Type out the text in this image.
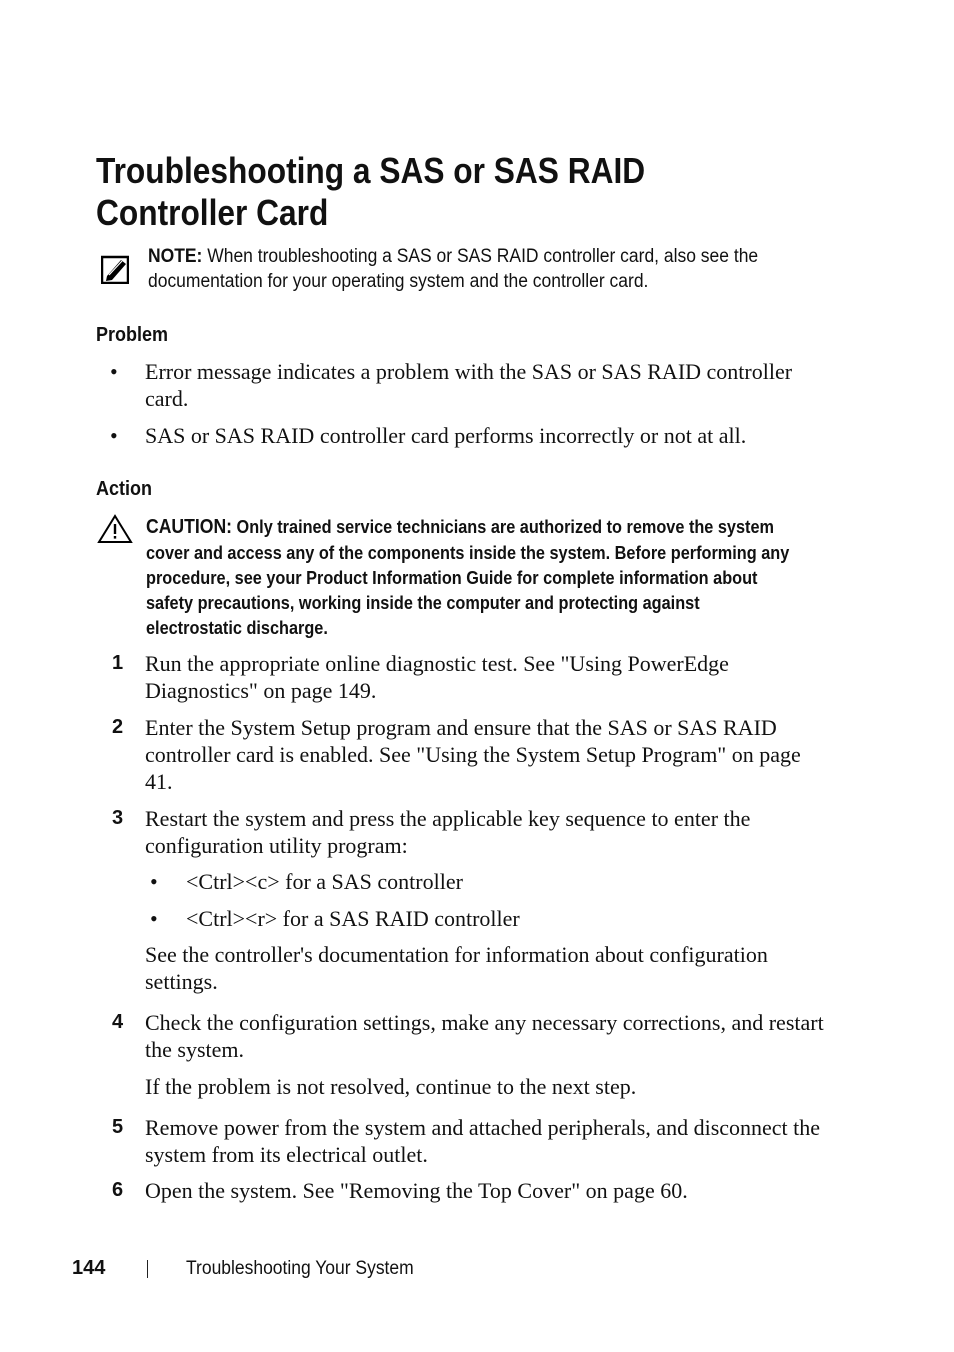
Troubleshooting a SAS or SAS RAID Controller Card
NOTE: When troubleshooting a SAS or SAS RAID controller card, also see the documentation for your operating system and the controller card.
Problem
• Error message indicates a problem with the SAS or SAS RAID controller card.
• SAS or SAS RAID controller card performs incorrectly or not at all.
Action
CAUTION: Only trained service technicians are authorized to remove the system cover and access any of the components inside the system. Before performing any procedure, see your Product Information Guide for complete information about safety precautions, working inside the computer and protecting against electrostatic discharge.
1 Run the appropriate online diagnostic test. See "Using PowerEdge Diagnostics" on page 149.
2 Enter the System Setup program and ensure that the SAS or SAS RAID controller card is enabled. See "Using the System Setup Program" on page 41.
3 Restart the system and press the applicable key sequence to enter the configuration utility program:
• <Ctrl><c> for a SAS controller
• <Ctrl><r> for a SAS RAID controller
See the controller's documentation for information about configuration settings.
4 Check the configuration settings, make any necessary corrections, and restart the system.
If the problem is not resolved, continue to the next step.
5 Remove power from the system and attached peripherals, and disconnect the system from its electrical outlet.
6 Open the system. See "Removing the Top Cover" on page 60.
144	Troubleshooting Your System
